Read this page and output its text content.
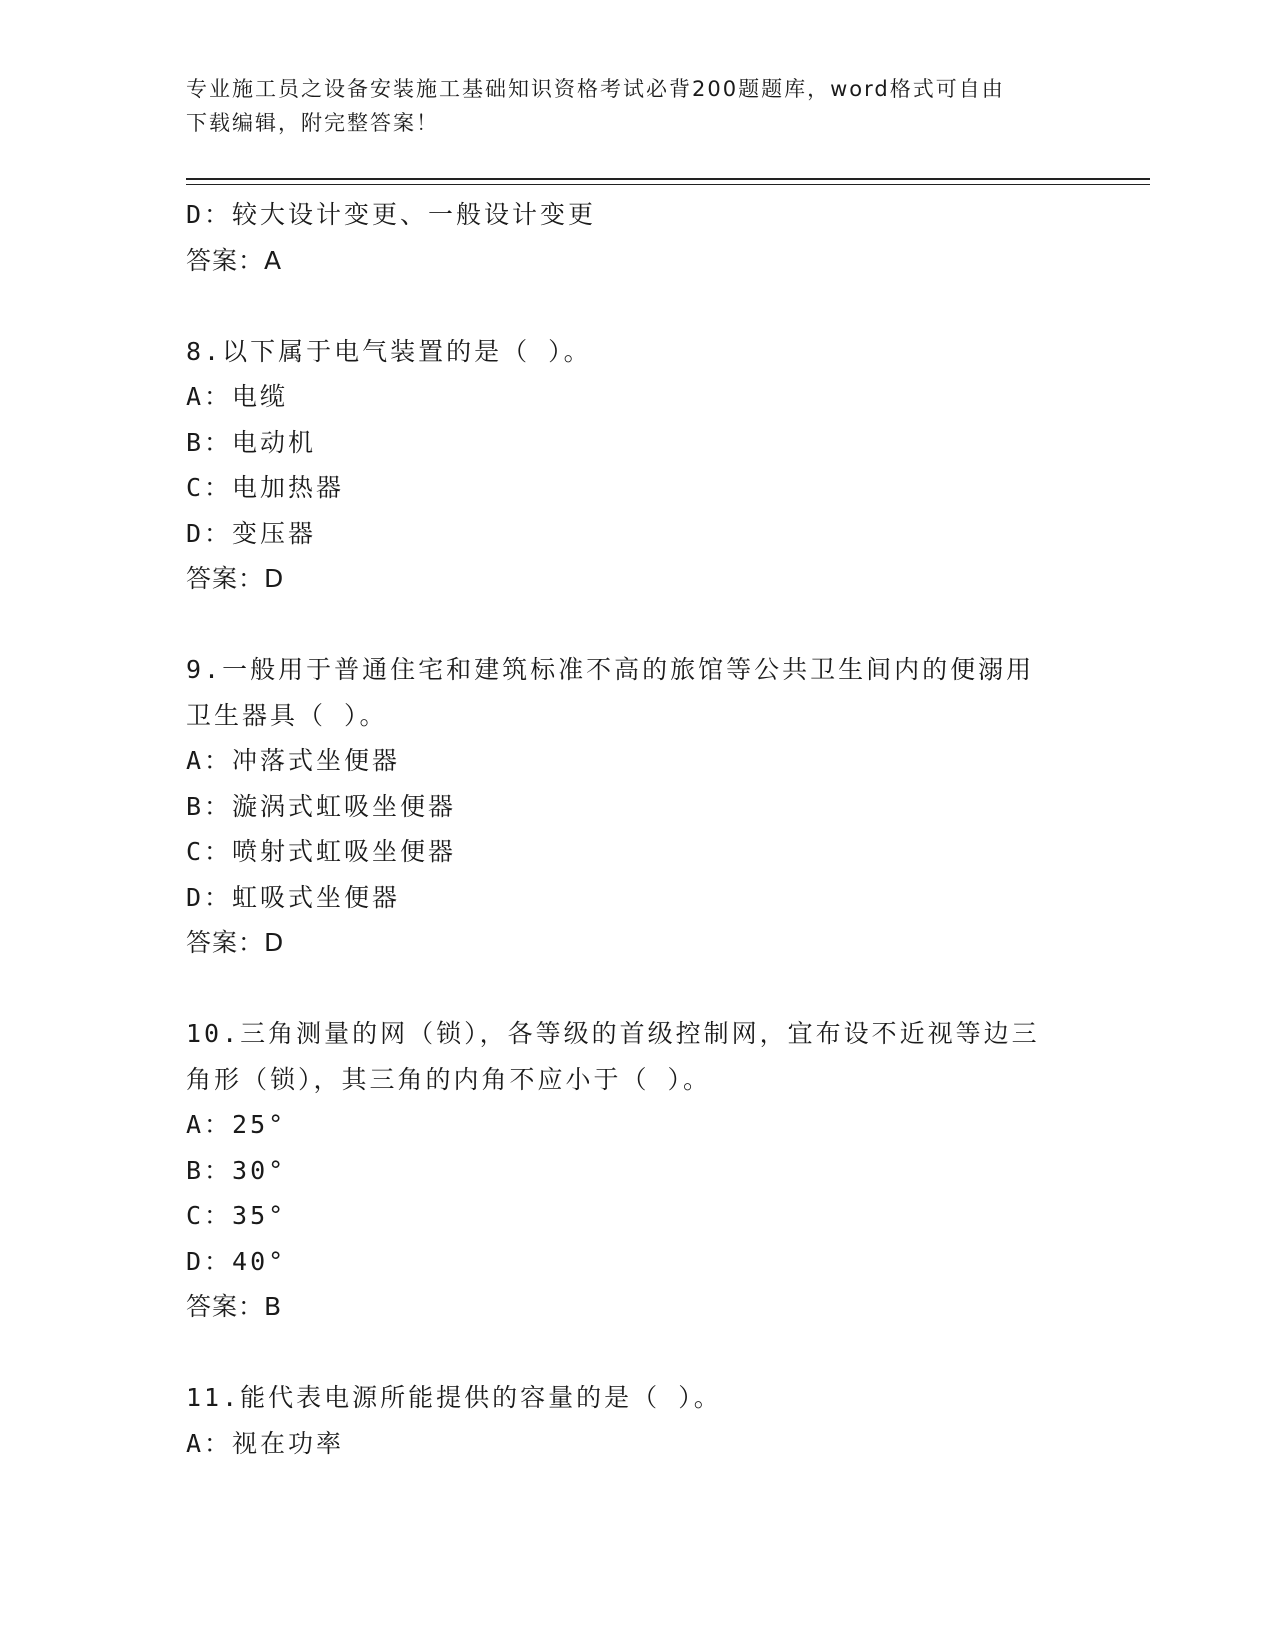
专业施工员之设备安装施工基础知识资格考试必背200题题库，word格式可自由
下载编辑，附完整答案！
D：较大设计变更、一般设计变更
答案：A
8.以下属于电气装置的是（ ）。
A：电缆
B：电动机
C：电加热器
D：变压器
答案：D
9.一般用于普通住宅和建筑标准不高的旅馆等公共卫生间内的便溺用
卫生器具（ ）。
A：冲落式坐便器
B：漩涡式虹吸坐便器
C：喷射式虹吸坐便器
D：虹吸式坐便器
答案：D
10.三角测量的网（锁），各等级的首级控制网，宜布设不近视等边三
角形（锁），其三角的内角不应小于（ ）。
A：25°
B：30°
C：35°
D：40°
答案：B
11.能代表电源所能提供的容量的是（ ）。
A：视在功率
